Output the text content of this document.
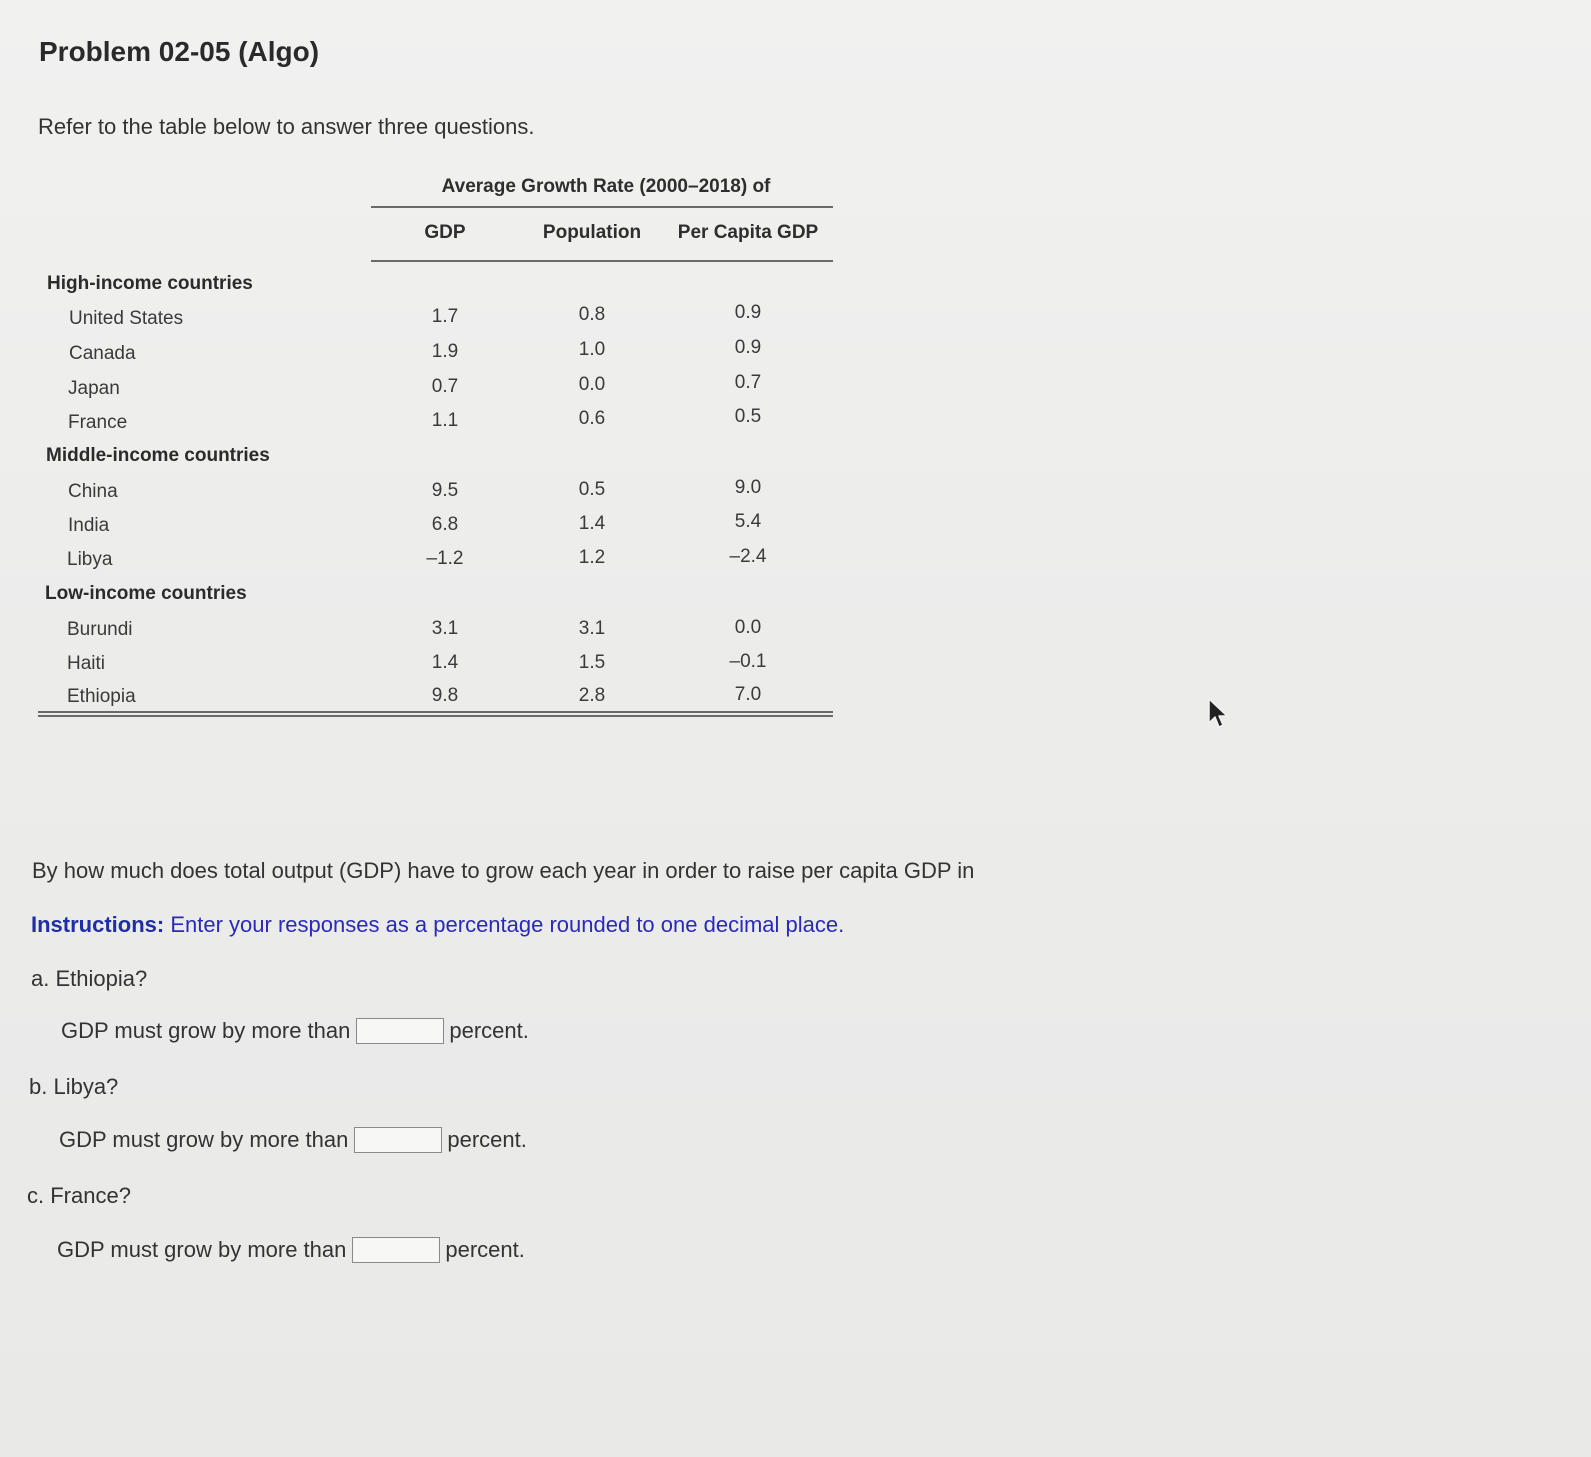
Problem 02-05 (Algo)
Refer to the table below to answer three questions.
Average Growth Rate (2000–2018) of
GDP	Population	Per Capita GDP
High-income countries
United States	1.7	0.8	0.9
Canada	1.9	1.0	0.9
Japan	0.7	0.0	0.7
France	1.1	0.6	0.5
Middle-income countries
China	9.5	0.5	9.0
India	6.8	1.4	5.4
Libya	–1.2	1.2	–2.4
Low-income countries
Burundi	3.1	3.1	0.0
Haiti	1.4	1.5	–0.1
Ethiopia	9.8	2.8	7.0
By how much does total output (GDP) have to grow each year in order to raise per capita GDP in
Instructions: Enter your responses as a percentage rounded to one decimal place.
a. Ethiopia?
GDP must grow by more than	percent.
b. Libya?
GDP must grow by more than	percent.
c. France?
GDP must grow by more than	percent.
